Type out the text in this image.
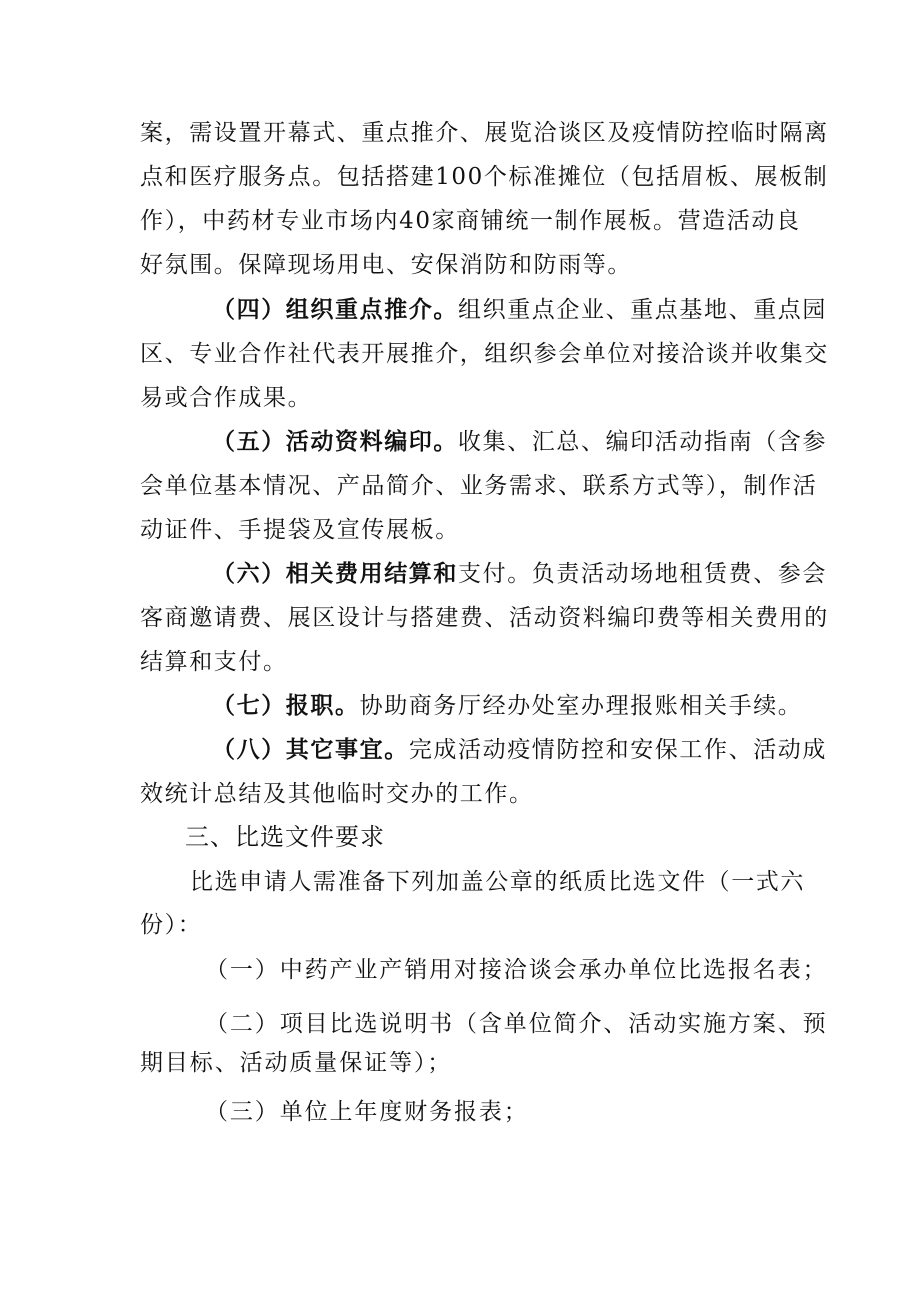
案，需设置开幕式、重点推介、展览洽谈区及疫情防控临时隔离
点和医疗服务点。包括搭建100个标准摊位（包括眉板、展板制
作），中药材专业市场内40家商铺统一制作展板。营造活动良
好氛围。保障现场用电、安保消防和防雨等。
（四）组织重点推介。组织重点企业、重点基地、重点园
区、专业合作社代表开展推介，组织参会单位对接洽谈并收集交
易或合作成果。
（五）活动资料编印。收集、汇总、编印活动指南（含参
会单位基本情况、产品简介、业务需求、联系方式等），制作活
动证件、手提袋及宣传展板。
（六）相关费用结算和支付。负责活动场地租赁费、参会
客商邀请费、展区设计与搭建费、活动资料编印费等相关费用的
结算和支付。
（七）报职。协助商务厅经办处室办理报账相关手续。
（八）其它事宜。完成活动疫情防控和安保工作、活动成
效统计总结及其他临时交办的工作。
三、比选文件要求
比选申请人需准备下列加盖公章的纸质比选文件（一式六
份）：
（一）中药产业产销用对接洽谈会承办单位比选报名表；
（二）项目比选说明书（含单位简介、活动实施方案、预
期目标、活动质量保证等）；
（三）单位上年度财务报表；
